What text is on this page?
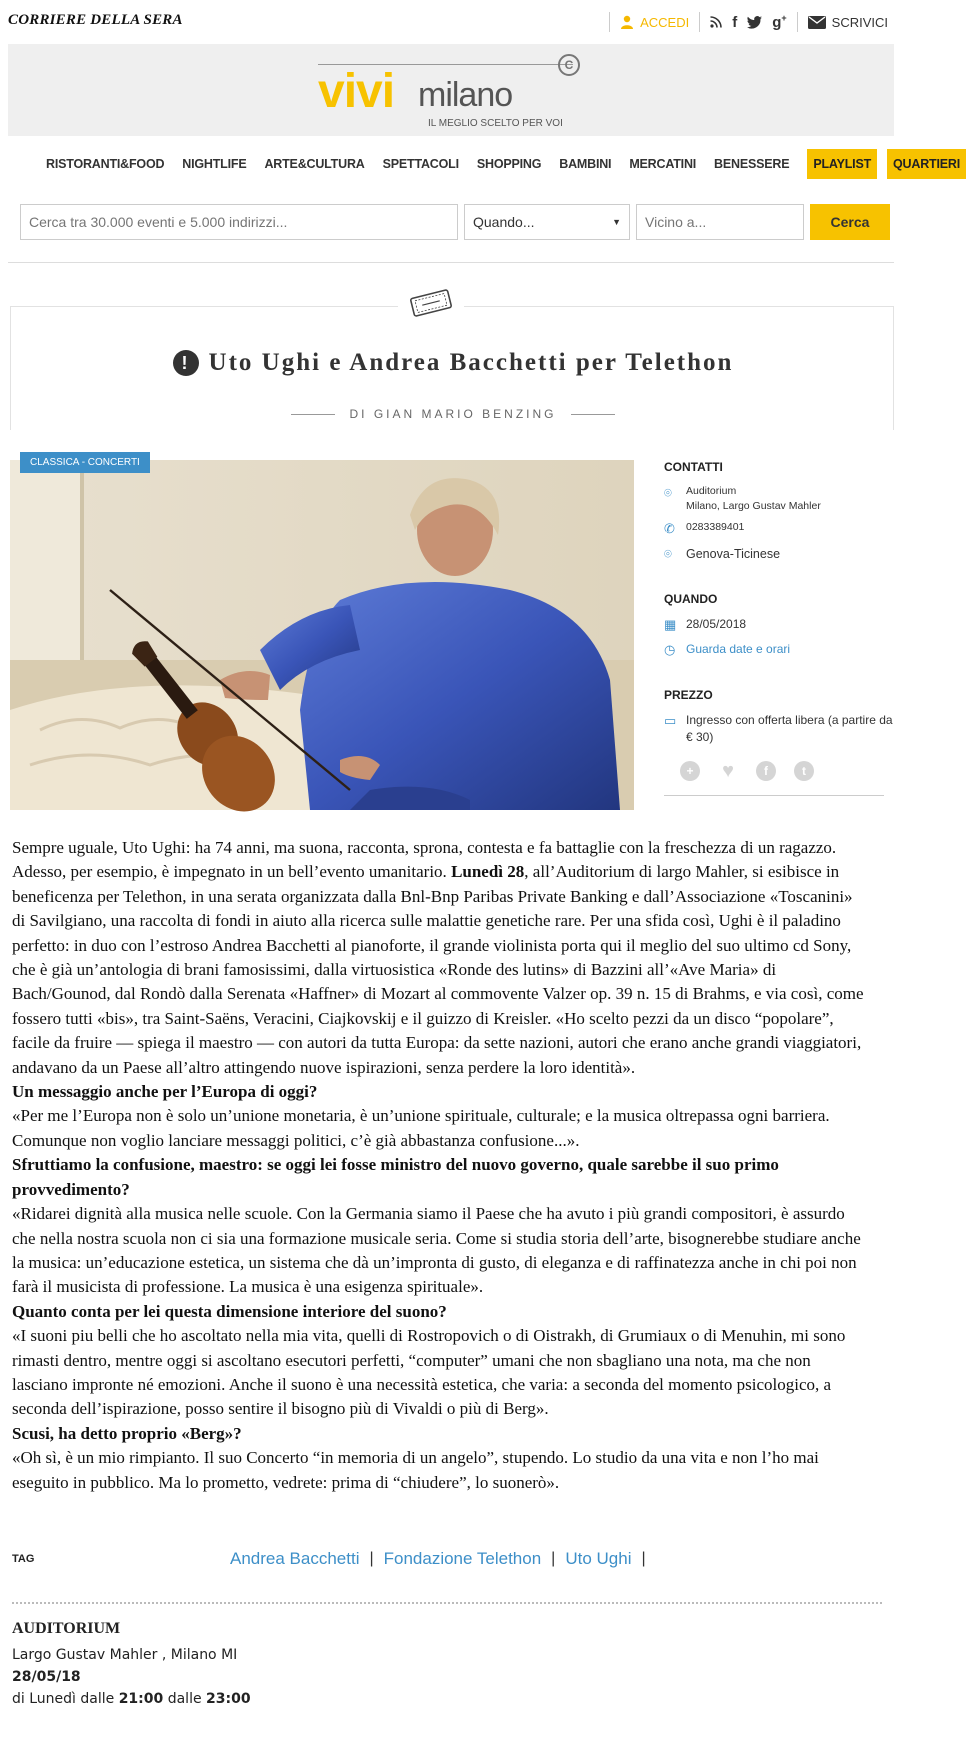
CORRIERE DELLA SERA	ACCEDI	f g+	SCRIVICI
vivi milano
C
IL MEGLIO SCELTO PER VOI
RISTORANTI&FOOD NIGHTLIFE ARTE&CULTURA SPETTACOLI SHOPPING BAMBINI MERCATINI BENESSERE	PLAYLIST	QUARTIERI
Cerca tra 30.000 eventi e 5.000 indirizzi...
Quando...	▼
Vicino a...	Cerca
! Uto Ughi e Andrea Bacchetti per Telethon
DI GIAN MARIO BENZING
CLASSICA - CONCERTI	CONTATTI
⌾	Auditorium
Milano, Largo Gustav Mahler
✆ 0283389401
⌾	Genova-Ticinese
QUANDO
▦ 28/05/2018
◷ Guarda date e orari
PREZZO
▭ Ingresso con offerta libera (a partire da € 30)
+	♥	f	t

Sempre uguale, Uto Ughi: ha 74 anni, ma suona, racconta, sprona, contesta e fa battaglie con la freschezza di un ragazzo. Adesso, per esempio, è impegnato in un bell’evento umanitario. Lunedì 28, all’Auditorium di largo Mahler, si esibisce in beneficenza per Telethon, in una serata organizzata dalla Bnl-Bnp Paribas Private Banking e dall’Associazione «Toscanini» di Savilgiano, una raccolta di fondi in aiuto alla ricerca sulle malattie genetiche rare. Per una sfida così, Ughi è il paladino perfetto: in duo con l’estroso Andrea Bacchetti al pianoforte, il grande violinista porta qui il meglio del suo ultimo cd Sony, che è già un’antologia di brani famosissimi, dalla virtuosistica «Ronde des lutins» di Bazzini all’«Ave Maria» di Bach/Gounod, dal Rondò dalla Serenata «Haffner» di Mozart al commovente Valzer op. 39 n. 15 di Brahms, e via così, come fossero tutti «bis», tra Saint-Saëns, Veracini, Ciajkovskij e il guizzo di Kreisler. «Ho scelto pezzi da un disco “popolare”, facile da fruire — spiega il maestro — con autori da tutta Europa: da sette nazioni, autori che erano anche grandi viaggiatori, andavano da un Paese all’altro attingendo nuove ispirazioni, senza perdere la loro identità».

Un messaggio anche per l’Europa di oggi?

«Per me l’Europa non è solo un’unione monetaria, è un’unione spirituale, culturale; e la musica oltrepassa ogni barriera. Comunque non voglio lanciare messaggi politici, c’è già abbastanza confusione...».

Sfruttiamo la confusione, maestro: se oggi lei fosse ministro del nuovo governo, quale sarebbe il suo primo provvedimento?

«Ridarei dignità alla musica nelle scuole. Con la Germania siamo il Paese che ha avuto i più grandi compositori, è assurdo che nella nostra scuola non ci sia una formazione musicale seria. Come si studia storia dell’arte, bisognerebbe studiare anche la musica: un’educazione estetica, un sistema che dà un’impronta di gusto, di eleganza e di raffinatezza anche in chi poi non farà il musicista di professione. La musica è una esigenza spirituale».

Quanto conta per lei questa dimensione interiore del suono?

«I suoni piu belli che ho ascoltato nella mia vita, quelli di Rostropovich o di Oistrakh, di Grumiaux o di Menuhin, mi sono rimasti dentro, mentre oggi si ascoltano esecutori perfetti, “computer” umani che non sbagliano una nota, ma che non lasciano impronte né emozioni. Anche il suono è una necessità estetica, che varia: a seconda del momento psicologico, a seconda dell’ispirazione, posso sentire il bisogno più di Vivaldi o più di Berg».

Scusi, ha detto proprio «Berg»?

«Oh sì, è un mio rimpianto. Il suo Concerto “in memoria di un angelo”, stupendo. Lo studio da una vita e non l’ho mai eseguito in pubblico. Ma lo prometto, vedrete: prima di “chiudere”, lo suonerò».

TAG	Andrea Bacchetti | Fondazione Telethon | Uto Ughi |
AUDITORIUM
Largo Gustav Mahler , Milano MI
28/05/18
di Lunedì dalle 21:00 dalle 23:00
